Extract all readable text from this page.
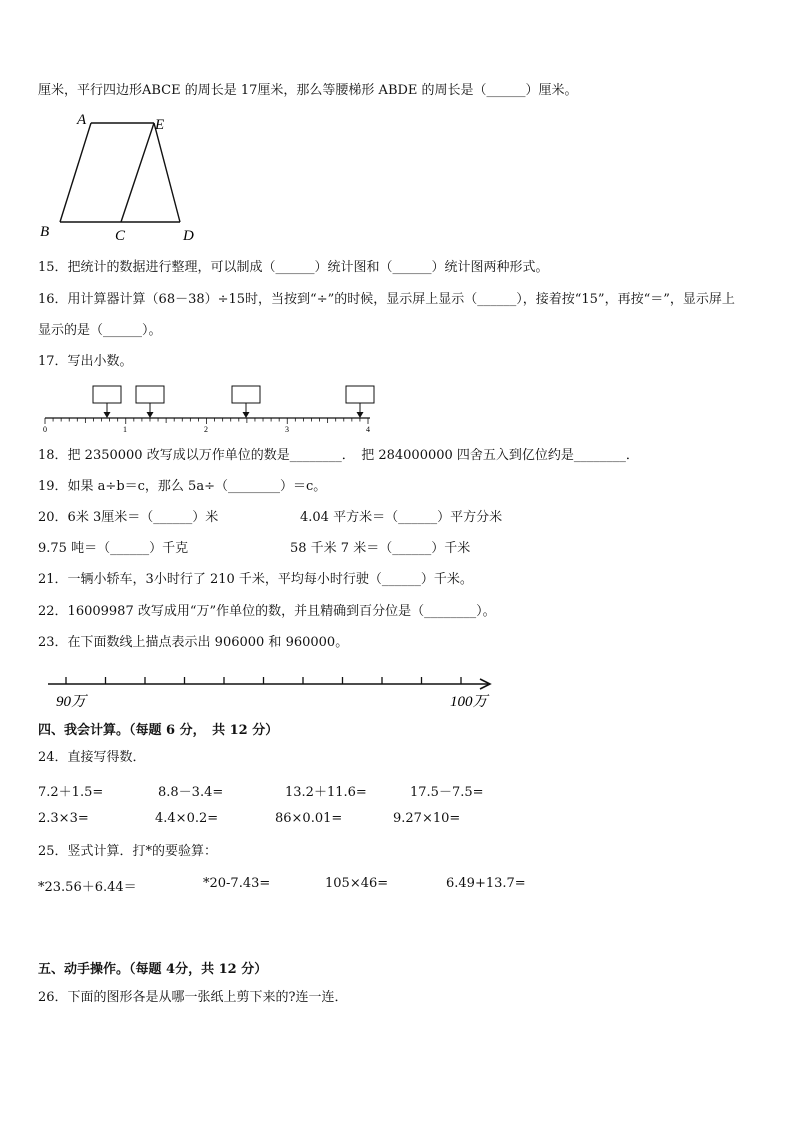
厘米，平行四边形ABCE 的周长是 17厘米，那么等腰梯形 ABDE 的周长是（______）厘米。
A	E
B	C	D
15．把统计的数据进行整理，可以制成（______）统计图和（______）统计图两种形式。
16．用计算器计算（68－38）÷15时，当按到“÷”的时候，显示屏上显示（______），接着按“15”，再按“＝”，显示屏上
显示的是（______）。
17．写出小数。
0	1	2	3	4
18．把 2350000 改写成以万作单位的数是________．　把 284000000 四舍五入到亿位约是________．
19．如果 a÷b＝c，那么 5a÷（________）＝c。
20．6米 3厘米＝（______）米	4.04 平方米＝（______）平方分米
9.75 吨＝（______）千克	58 千米 7 米＝（______）千米
21．一辆小轿车，3小时行了 210 千米，平均每小时行驶（______）千米。
22．16009987 改写成用“万”作单位的数，并且精确到百分位是（________）。
23．在下面数线上描点表示出 906000 和 960000。
90万	100万
四、我会计算。（每题 6 分，　共 12 分）
24．直接写得数．
7.2＋1.5=	8.8－3.4=	13.2＋11.6=	17.5－7.5=
2.3×3=	4.4×0.2=	86×0.01=	9.27×10=
25．竖式计算．打*的要验算：
*23.56＋6.44＝	*20-7.43=	105×46=	6.49+13.7=
五、动手操作。（每题 4分，共 12 分）
26．下面的图形各是从哪一张纸上剪下来的?连一连．
